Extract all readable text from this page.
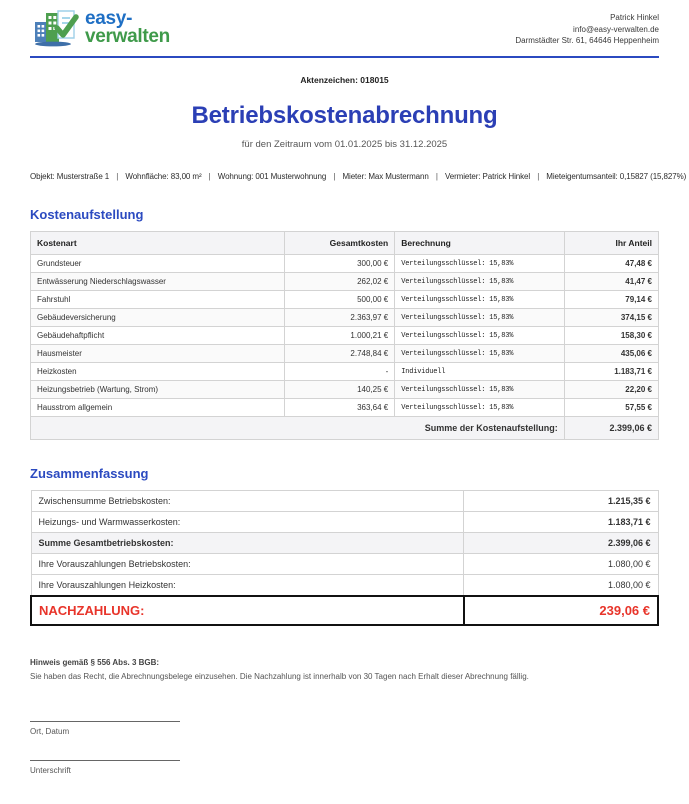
easy-
verwalten
Patrick Hinkel
info@easy-verwalten.de
Darmstädter Str. 61, 64646 Heppenheim
Aktenzeichen: 018015
Betriebskostenabrechnung
für den Zeitraum vom 01.01.2025 bis 31.12.2025
Objekt: Musterstraße 1 | Wohnfläche: 83,00 m² | Wohnung: 001 Musterwohnung | Mieter: Max Mustermann | Vermieter: Patrick Hinkel | Mieteigentumsanteil: 0,15827 (15,827%)
Kostenaufstellung
Kostenart	Gesamtkosten	Berechnung	Ihr Anteil
Grundsteuer	300,00 €	Verteilungsschlüssel: 15,83%	47,48 €
Entwässerung Niederschlagswasser	262,02 €	Verteilungsschlüssel: 15,83%	41,47 €
Fahrstuhl	500,00 €	Verteilungsschlüssel: 15,83%	79,14 €
Gebäudeversicherung	2.363,97 €	Verteilungsschlüssel: 15,83%	374,15 €
Gebäudehaftpflicht	1.000,21 €	Verteilungsschlüssel: 15,83%	158,30 €
Hausmeister	2.748,84 €	Verteilungsschlüssel: 15,83%	435,06 €
Heizkosten	-	Individuell	1.183,71 €
Heizungsbetrieb (Wartung, Strom)	140,25 €	Verteilungsschlüssel: 15,83%	22,20 €
Hausstrom allgemein	363,64 €	Verteilungsschlüssel: 15,83%	57,55 €
Summe der Kostenaufstellung:			2.399,06 €
Zusammenfassung
Zwischensumme Betriebskosten:	1.215,35 €
Heizungs- und Warmwasserkosten:	1.183,71 €
Summe Gesamtbetriebskosten:	2.399,06 €
Ihre Vorauszahlungen Betriebskosten:	1.080,00 €
Ihre Vorauszahlungen Heizkosten:	1.080,00 €
NACHZAHLUNG:	239,06 €
Hinweis gemäß § 556 Abs. 3 BGB:
Sie haben das Recht, die Abrechnungsbelege einzusehen. Die Nachzahlung ist innerhalb von 30 Tagen nach Erhalt dieser Abrechnung fällig.
Ort, Datum
Unterschrift
